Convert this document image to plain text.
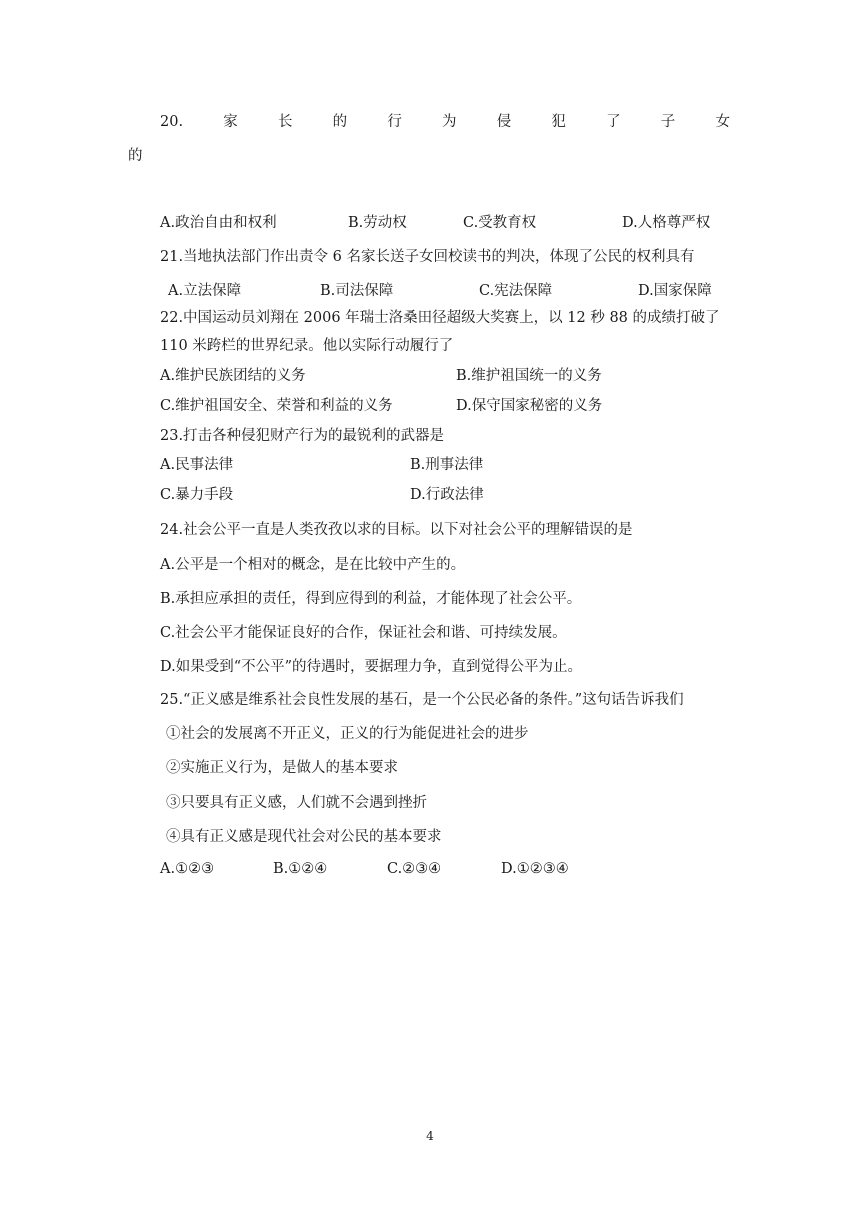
20.	家	长	的	行	为	侵	犯	了	子	女
的
A.政治自由和权利	B.劳动权	C.受教育权	D.人格尊严权
21.当地执法部门作出责令 6 名家长送子女回校读书的判决，体现了公民的权利具有
A.立法保障	B.司法保障	C.宪法保障	D.国家保障
22.中国运动员刘翔在 2006 年瑞士洛桑田径超级大奖赛上，以 12 秒 88 的成绩打破了
110 米跨栏的世界纪录。他以实际行动履行了
A.维护民族团结的义务	B.维护祖国统一的义务
C.维护祖国安全、荣誉和利益的义务	D.保守国家秘密的义务
23.打击各种侵犯财产行为的最锐利的武器是
A.民事法律	B.刑事法律
C.暴力手段	D.行政法律
24.社会公平一直是人类孜孜以求的目标。以下对社会公平的理解错误的是
A.公平是一个相对的概念，是在比较中产生的。
B.承担应承担的责任，得到应得到的利益，才能体现了社会公平。
C.社会公平才能保证良好的合作，保证社会和谐、可持续发展。
D.如果受到“不公平”的待遇时，要据理力争，直到觉得公平为止。
25.“正义感是维系社会良性发展的基石，是一个公民必备的条件。”这句话告诉我们
①社会的发展离不开正义，正义的行为能促进社会的进步
②实施正义行为，是做人的基本要求
③只要具有正义感，人们就不会遇到挫折
④具有正义感是现代社会对公民的基本要求
A.①②③	B.①②④	C.②③④	D.①②③④
4
